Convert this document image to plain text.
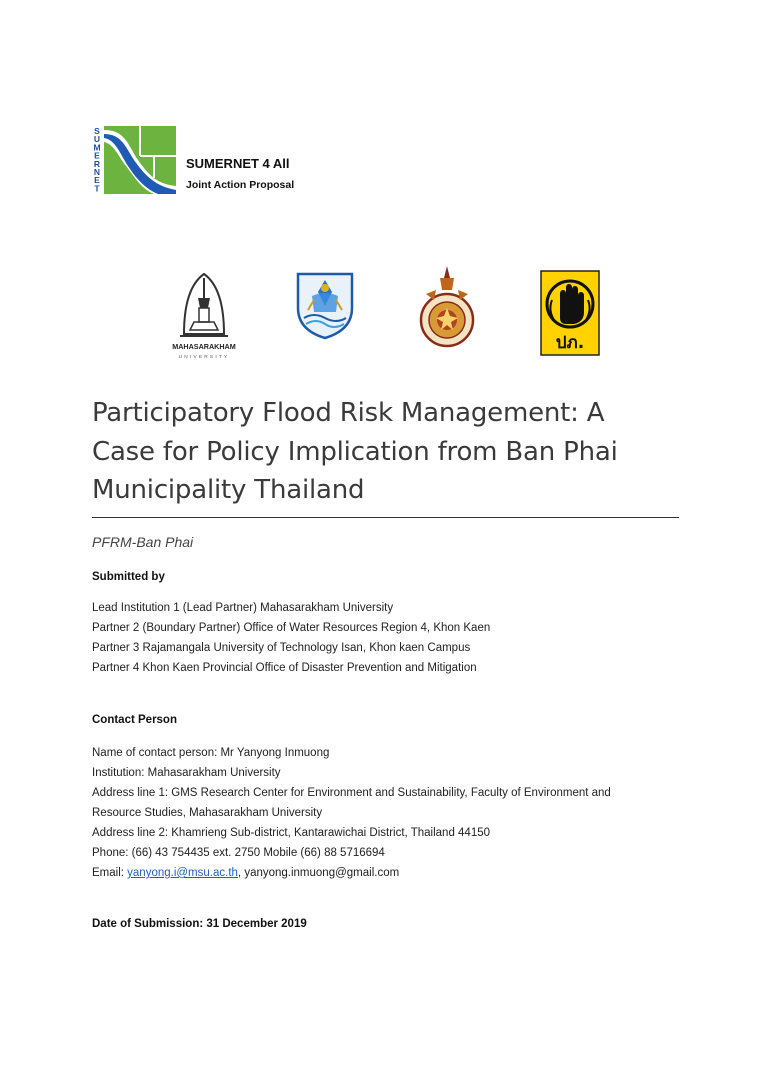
S U M E R N E T
SUMERNET 4 All
Joint Action Proposal
MAHASARAKHAM
UNIVERSITY
ปภ.
Participatory Flood Risk Management: A
Case for Policy Implication from Ban Phai
Municipality Thailand
PFRM-Ban Phai
Submitted by
Lead Institution 1 (Lead Partner) Mahasarakham University
Partner 2 (Boundary Partner) Office of Water Resources Region 4, Khon Kaen
Partner 3 Rajamangala University of Technology Isan, Khon kaen Campus
Partner 4 Khon Kaen Provincial Office of Disaster Prevention and Mitigation
Contact Person
Name of contact person: Mr Yanyong Inmuong
Institution: Mahasarakham University
Address line 1: GMS Research Center for Environment and Sustainability, Faculty of Environment and
Resource Studies, Mahasarakham University
Address line 2: Khamrieng Sub-district, Kantarawichai District, Thailand 44150
Phone: (66) 43 754435 ext. 2750 Mobile (66) 88 5716694
Email: yanyong.i@msu.ac.th, yanyong.inmuong@gmail.com
Date of Submission: 31 December 2019
